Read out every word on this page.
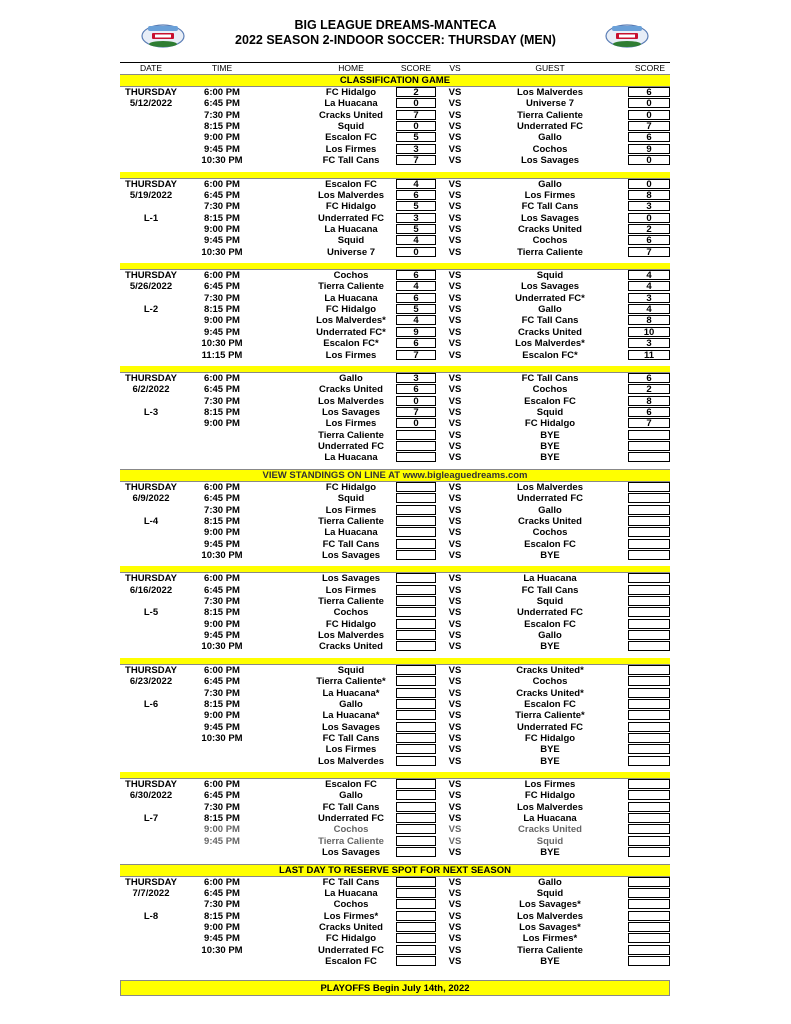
BIG LEAGUE DREAMS-MANTECA
2022 SEASON 2-INDOOR SOCCER: THURSDAY (MEN)
DATE	TIME	HOME	SCORE	VS	GUEST	SCORE
CLASSIFICATION GAME
THURSDAY	6:00 PM	FC Hidalgo	2	VS	Los Malverdes	6
5/12/2022	6:45 PM	La Huacana	0	VS	Universe 7	0
7:30 PM	Cracks United	7	VS	Tierra Caliente	0
8:15 PM	Squid	0	VS	Underrated FC	7
9:00 PM	Escalon FC	5	VS	Gallo	6
9:45 PM	Los Firmes	3	VS	Cochos	9
10:30 PM	FC Tall Cans	7	VS	Los Savages	0
THURSDAY	6:00 PM	Escalon FC	4	VS	Gallo	0
5/19/2022	6:45 PM	Los Malverdes	6	VS	Los Firmes	8
7:30 PM	FC Hidalgo	5	VS	FC Tall Cans	3
L-1	8:15 PM	Underrated FC	3	VS	Los Savages	0
9:00 PM	La Huacana	5	VS	Cracks United	2
9:45 PM	Squid	4	VS	Cochos	6
10:30 PM	Universe 7	0	VS	Tierra Caliente	7
THURSDAY	6:00 PM	Cochos	6	VS	Squid	4
5/26/2022	6:45 PM	Tierra Caliente	4	VS	Los Savages	4
7:30 PM	La Huacana	6	VS	Underrated FC*	3
L-2	8:15 PM	FC Hidalgo	5	VS	Gallo	4
9:00 PM	Los Malverdes*	4	VS	FC Tall Cans	8
9:45 PM	Underrated FC*	9	VS	Cracks United	10
10:30 PM	Escalon FC*	6	VS	Los Malverdes*	3
11:15 PM	Los Firmes	7	VS	Escalon FC*	11
THURSDAY	6:00 PM	Gallo	3	VS	FC Tall Cans	6
6/2/2022	6:45 PM	Cracks United	6	VS	Cochos	2
7:30 PM	Los Malverdes	0	VS	Escalon FC	8
L-3	8:15 PM	Los Savages	7	VS	Squid	6
9:00 PM	Los Firmes	0	VS	FC Hidalgo	7
Tierra Caliente	VS	BYE
Underrated FC	VS	BYE
La Huacana	VS	BYE
VIEW STANDINGS ON LINE AT www.bigleaguedreams.com
THURSDAY	6:00 PM	FC Hidalgo	VS	Los Malverdes
6/9/2022	6:45 PM	Squid	VS	Underrated FC
7:30 PM	Los Firmes	VS	Gallo
L-4	8:15 PM	Tierra Caliente	VS	Cracks United
9:00 PM	La Huacana	VS	Cochos
9:45 PM	FC Tall Cans	VS	Escalon FC
10:30 PM	Los Savages	VS	BYE
THURSDAY	6:00 PM	Los Savages	VS	La Huacana
6/16/2022	6:45 PM	Los Firmes	VS	FC Tall Cans
7:30 PM	Tierra Caliente	VS	Squid
L-5	8:15 PM	Cochos	VS	Underrated FC
9:00 PM	FC Hidalgo	VS	Escalon FC
9:45 PM	Los Malverdes	VS	Gallo
10:30 PM	Cracks United	VS	BYE
THURSDAY	6:00 PM	Squid	VS	Cracks United*
6/23/2022	6:45 PM	Tierra Caliente*	VS	Cochos
7:30 PM	La Huacana*	VS	Cracks United*
L-6	8:15 PM	Gallo	VS	Escalon FC
9:00 PM	La Huacana*	VS	Tierra Caliente*
9:45 PM	Los Savages	VS	Underrated FC
10:30 PM	FC Tall Cans	VS	FC Hidalgo
Los Firmes	VS	BYE
Los Malverdes	VS	BYE
THURSDAY	6:00 PM	Escalon FC	VS	Los Firmes
6/30/2022	6:45 PM	Gallo	VS	FC Hidalgo
7:30 PM	FC Tall Cans	VS	Los Malverdes
L-7	8:15 PM	Underrated FC	VS	La Huacana
9:00 PM	Cochos	VS	Cracks United
9:45 PM	Tierra Caliente	VS	Squid
Los Savages	VS	BYE
LAST DAY TO RESERVE SPOT FOR NEXT SEASON
THURSDAY	6:00 PM	FC Tall Cans	VS	Gallo
7/7/2022	6:45 PM	La Huacana	VS	Squid
7:30 PM	Cochos	VS	Los Savages*
L-8	8:15 PM	Los Firmes*	VS	Los Malverdes
9:00 PM	Cracks United	VS	Los Savages*
9:45 PM	FC Hidalgo	VS	Los Firmes*
10:30 PM	Underrated FC	VS	Tierra Caliente
Escalon FC	VS	BYE
PLAYOFFS Begin July 14th, 2022
